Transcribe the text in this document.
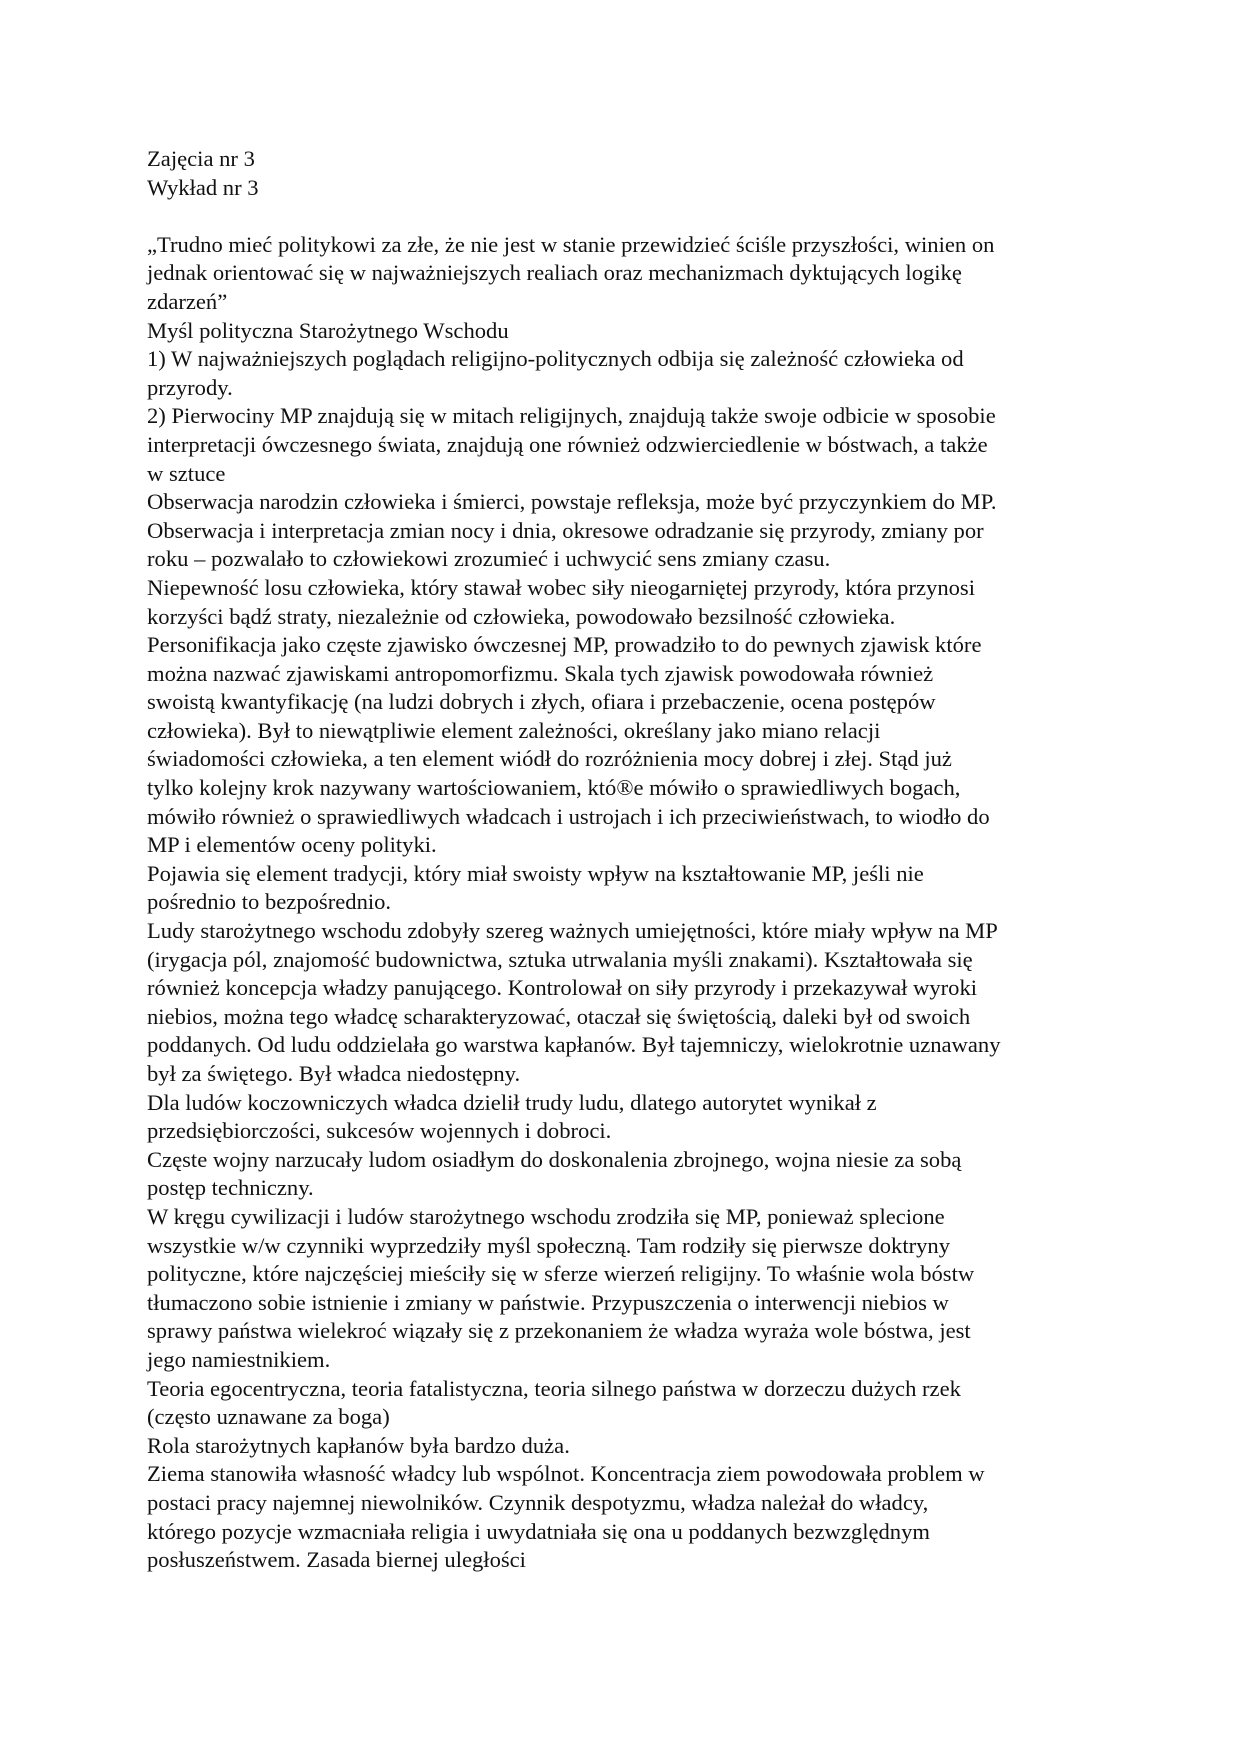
Zajęcia nr 3
Wykład nr 3
„Trudno mieć politykowi za złe, że nie jest w stanie przewidzieć ściśle przyszłości, winien on
jednak orientować się w najważniejszych realiach oraz mechanizmach dyktujących logikę
zdarzeń”
Myśl polityczna Starożytnego Wschodu
1) W najważniejszych poglądach religijno-politycznych odbija się zależność człowieka od
przyrody.
2) Pierwociny MP znajdują się w mitach religijnych, znajdują także swoje odbicie w sposobie
interpretacji ówczesnego świata, znajdują one również odzwierciedlenie w bóstwach, a także
w sztuce
Obserwacja narodzin człowieka i śmierci, powstaje refleksja, może być przyczynkiem do MP.
Obserwacja i interpretacja zmian nocy i dnia, okresowe odradzanie się przyrody, zmiany por
roku – pozwalało to człowiekowi zrozumieć i uchwycić sens zmiany czasu.
Niepewność losu człowieka, który stawał wobec siły nieogarniętej przyrody, która przynosi
korzyści bądź straty, niezależnie od człowieka, powodowało bezsilność człowieka.
Personifikacja jako częste zjawisko ówczesnej MP, prowadziło to do pewnych zjawisk które
można nazwać zjawiskami antropomorfizmu. Skala tych zjawisk powodowała również
swoistą kwantyfikację (na ludzi dobrych i złych, ofiara i przebaczenie, ocena postępów
człowieka). Był to niewątpliwie element zależności, określany jako miano relacji
świadomości człowieka, a ten element wiódł do rozróżnienia mocy dobrej i złej. Stąd już
tylko kolejny krok nazywany wartościowaniem, któ®e mówiło o sprawiedliwych bogach,
mówiło również o sprawiedliwych władcach i ustrojach i ich przeciwieństwach, to wiodło do
MP i elementów oceny polityki.
Pojawia się element tradycji, który miał swoisty wpływ na kształtowanie MP, jeśli nie
pośrednio to bezpośrednio.
Ludy starożytnego wschodu zdobyły szereg ważnych umiejętności, które miały wpływ na MP
(irygacja pól, znajomość budownictwa, sztuka utrwalania myśli znakami). Kształtowała się
również koncepcja władzy panującego. Kontrolował on siły przyrody i przekazywał wyroki
niebios, można tego władcę scharakteryzować, otaczał się świętością, daleki był od swoich
poddanych. Od ludu oddzielała go warstwa kapłanów. Był tajemniczy, wielokrotnie uznawany
był za świętego. Był władca niedostępny.
Dla ludów koczowniczych władca dzielił trudy ludu, dlatego autorytet wynikał z
przedsiębiorczości, sukcesów wojennych i dobroci.
Częste wojny narzucały ludom osiadłym do doskonalenia zbrojnego, wojna niesie za sobą
postęp techniczny.
W kręgu cywilizacji i ludów starożytnego wschodu zrodziła się MP, ponieważ splecione
wszystkie w/w czynniki wyprzedziły myśl społeczną. Tam rodziły się pierwsze doktryny
polityczne, które najczęściej mieściły się w sferze wierzeń religijny. To właśnie wola bóstw
tłumaczono sobie istnienie i zmiany w państwie. Przypuszczenia o interwencji niebios w
sprawy państwa wielekroć wiązały się z przekonaniem że władza wyraża wole bóstwa, jest
jego namiestnikiem.
Teoria egocentryczna, teoria fatalistyczna, teoria silnego państwa w dorzeczu dużych rzek
(często uznawane za boga)
Rola starożytnych kapłanów była bardzo duża.
Ziema stanowiła własność władcy lub wspólnot. Koncentracja ziem powodowała problem w
postaci pracy najemnej niewolników. Czynnik despotyzmu, władza należał do władcy,
którego pozycje wzmacniała religia i uwydatniała się ona u poddanych bezwzględnym
posłuszeństwem. Zasada biernej uległości
